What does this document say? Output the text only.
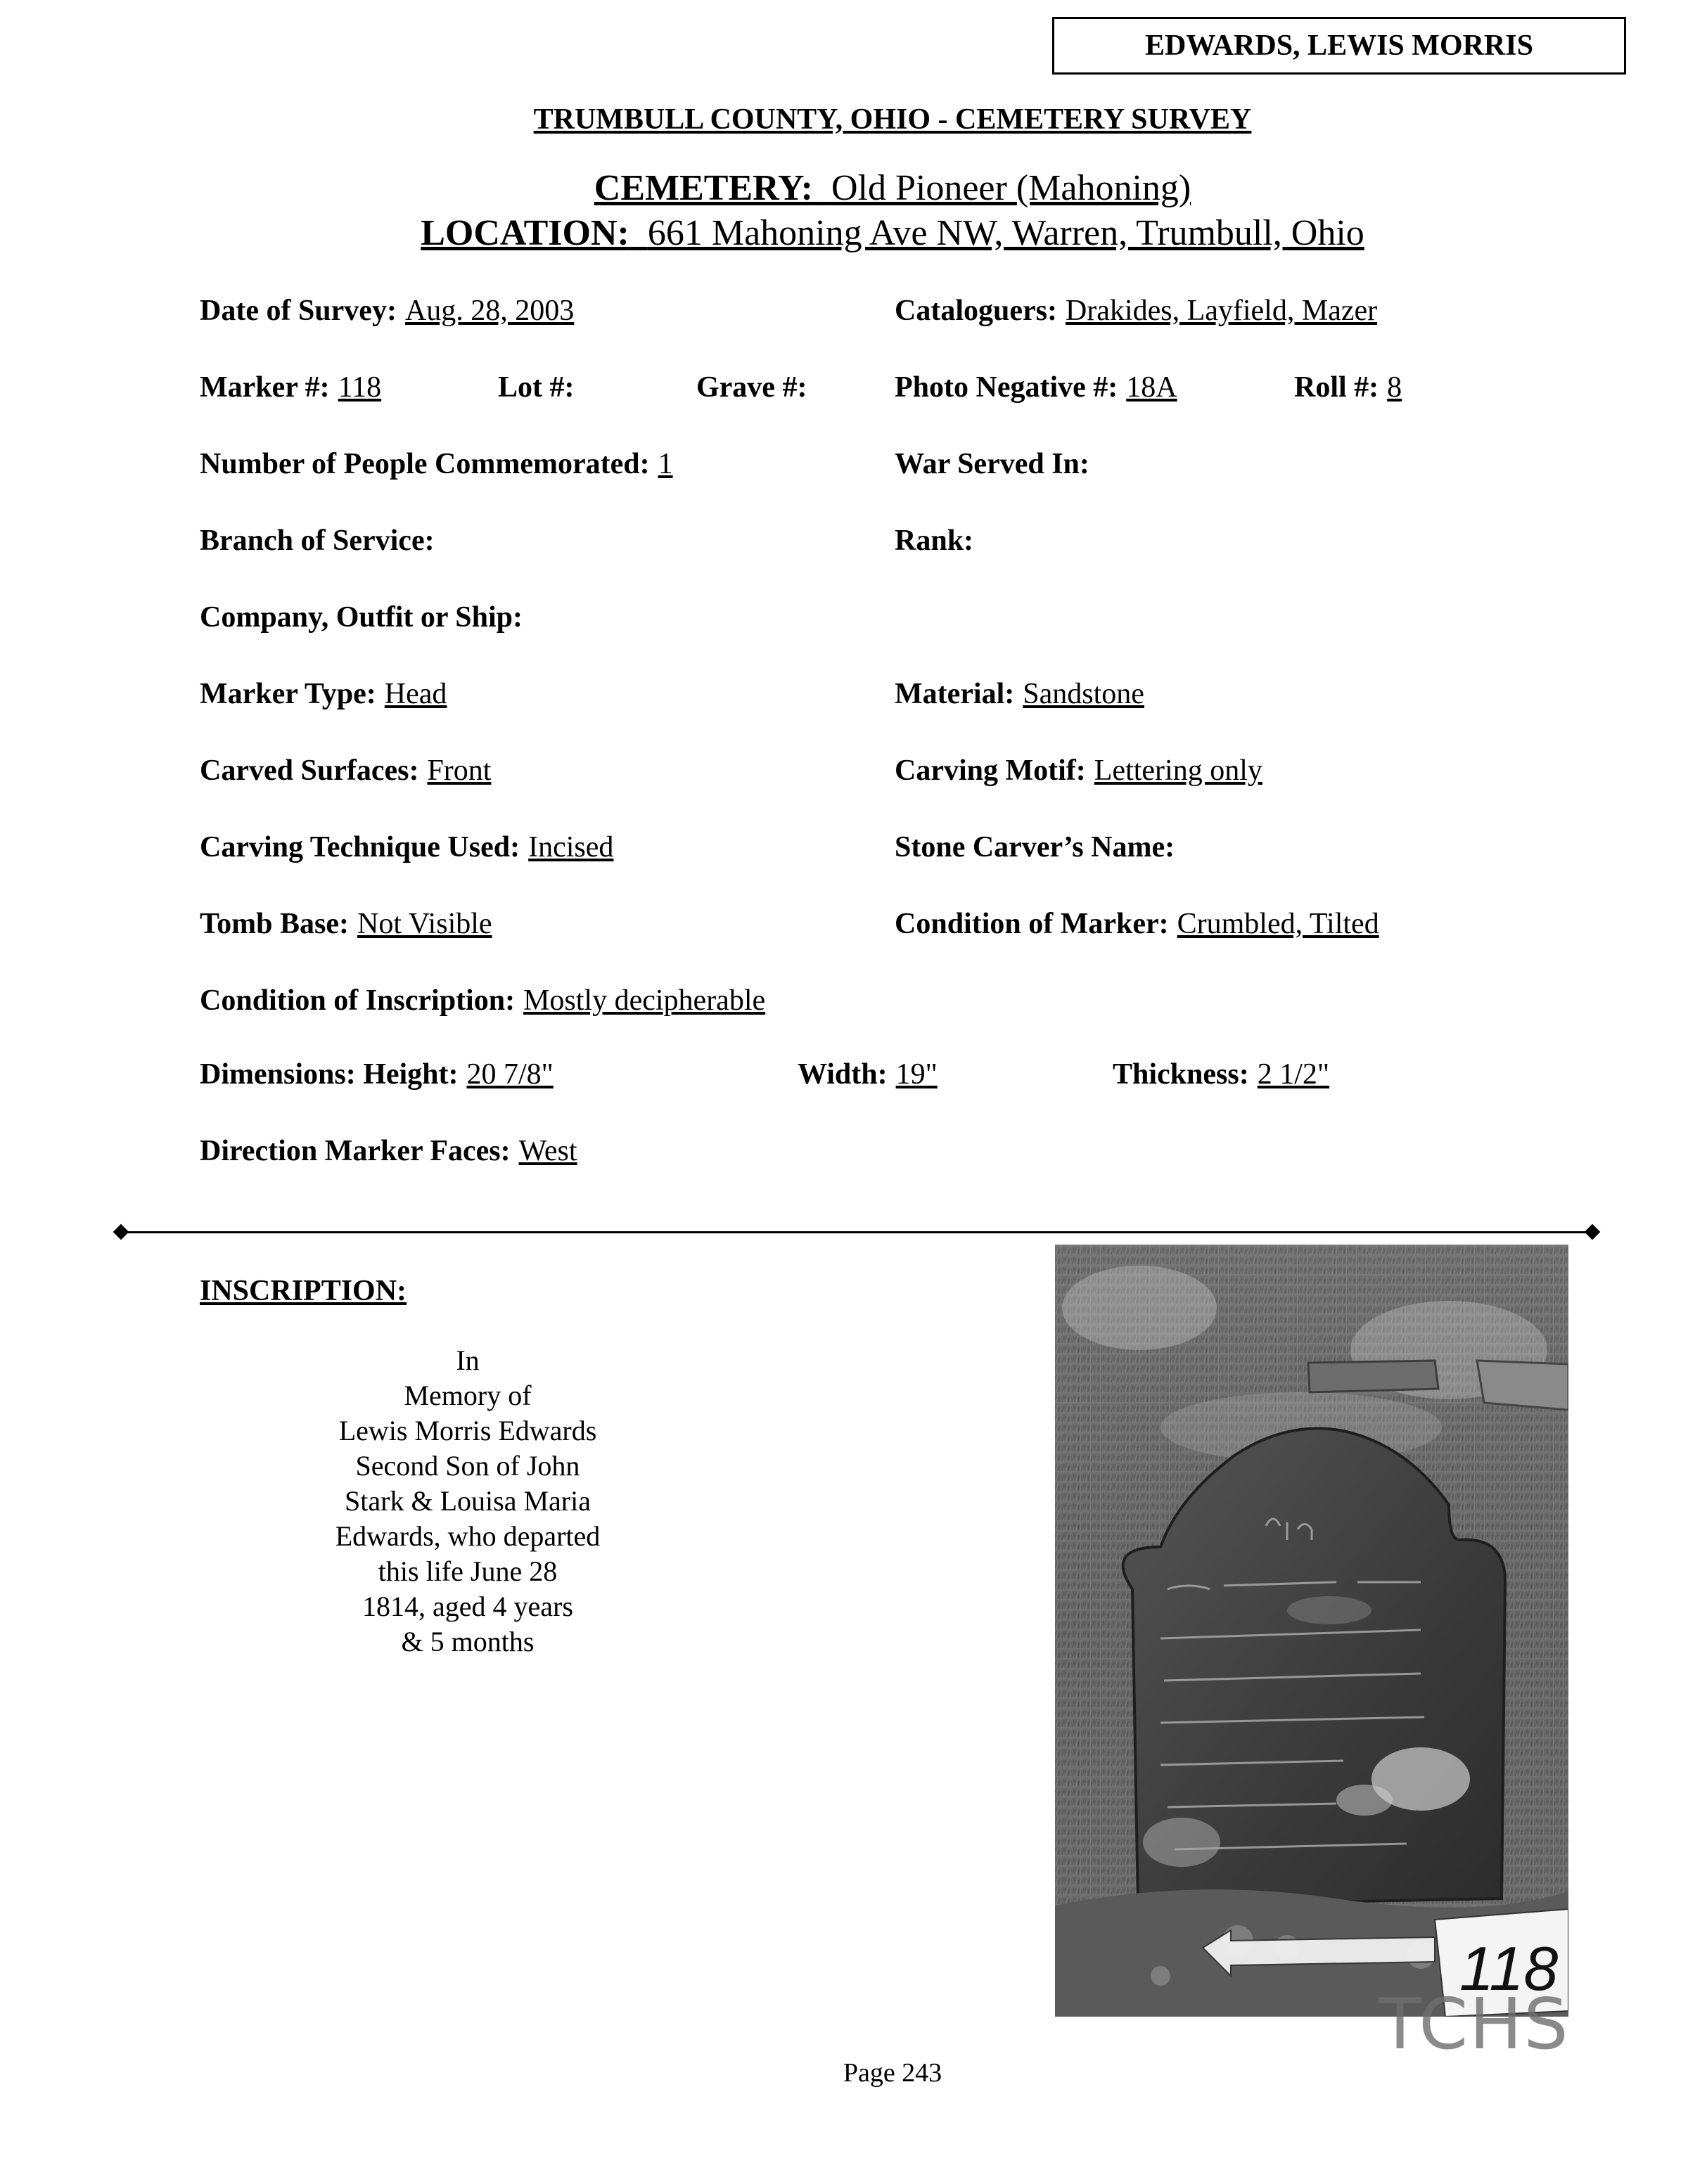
EDWARDS, LEWIS MORRIS
TRUMBULL COUNTY, OHIO - CEMETERY SURVEY
CEMETERY: Old Pioneer (Mahoning)
LOCATION: 661 Mahoning Ave NW, Warren, Trumbull, Ohio
Date of Survey: Aug. 28, 2003	Cataloguers: Drakides, Layfield, Mazer
Marker #: 118	Lot #:	Grave #:	Photo Negative #: 18A	Roll #: 8
Number of People Commemorated: 1	War Served In:
Branch of Service:	Rank:
Company, Outfit or Ship:
Marker Type: Head	Material: Sandstone
Carved Surfaces: Front	Carving Motif: Lettering only
Carving Technique Used: Incised	Stone Carver’s Name:
Tomb Base: Not Visible	Condition of Marker: Crumbled, Tilted
Condition of Inscription: Mostly decipherable
Dimensions: Height: 20 7/8"	Width: 19"	Thickness: 2 1/2"
Direction Marker Faces: West
INSCRIPTION:
In
Memory of
Lewis Morris Edwards
Second Son of John
Stark & Louisa Maria
Edwards, who departed
this life June 28
1814, aged 4 years
& 5 months
118
TCHS
Page 243
